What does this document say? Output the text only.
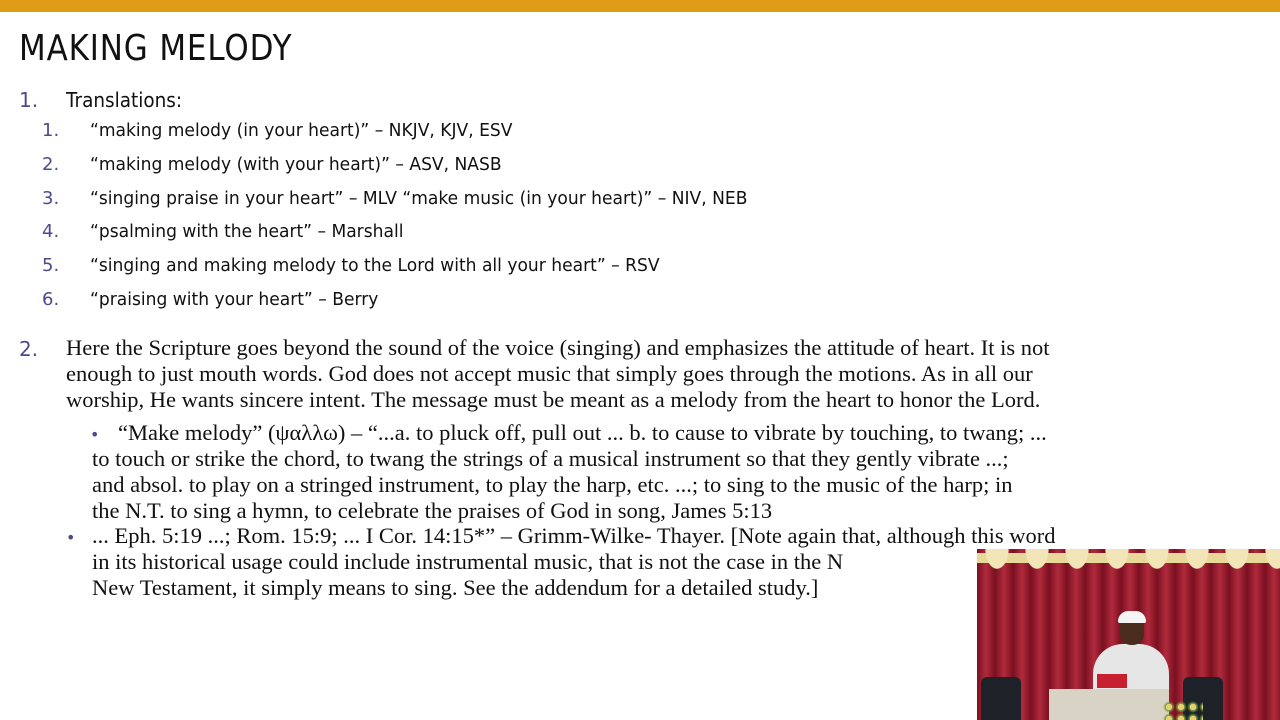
MAKING MELODY
1. Translations:
1. “making melody (in your heart)” – NKJV, KJV, ESV
2. “making melody (with your heart)” – ASV, NASB
3. “singing praise in your heart” – MLV “make music (in your heart)” – NIV, NEB
4. “psalming with the heart” – Marshall
5. “singing and making melody to the Lord with all your heart” – RSV
6. “praising with your heart” – Berry
2. Here the Scripture goes beyond the sound of the voice (singing) and emphasizes the attitude of heart. It is not
enough to just mouth words. God does not accept music that simply goes through the motions. As in all our
worship, He wants sincere intent. The message must be meant as a melody from the heart to honor the Lord.
• “Make melody” (ψαλλω) – “...a. to pluck off, pull out ... b. to cause to vibrate by touching, to twang; ...
to touch or strike the chord, to twang the strings of a musical instrument so that they gently vibrate ...;
and absol. to play on a stringed instrument, to play the harp, etc. ...; to sing to the music of the harp; in
the N.T. to sing a hymn, to celebrate the praises of God in song, James 5:13
• ... Eph. 5:19 ...; Rom. 15:9; ... I Cor. 14:15*” – Grimm-Wilke- Thayer. [Note again that, although this word
in its historical usage could include instrumental music, that is not the case in the N
New Testament, it simply means to sing. See the addendum for a detailed study.]
